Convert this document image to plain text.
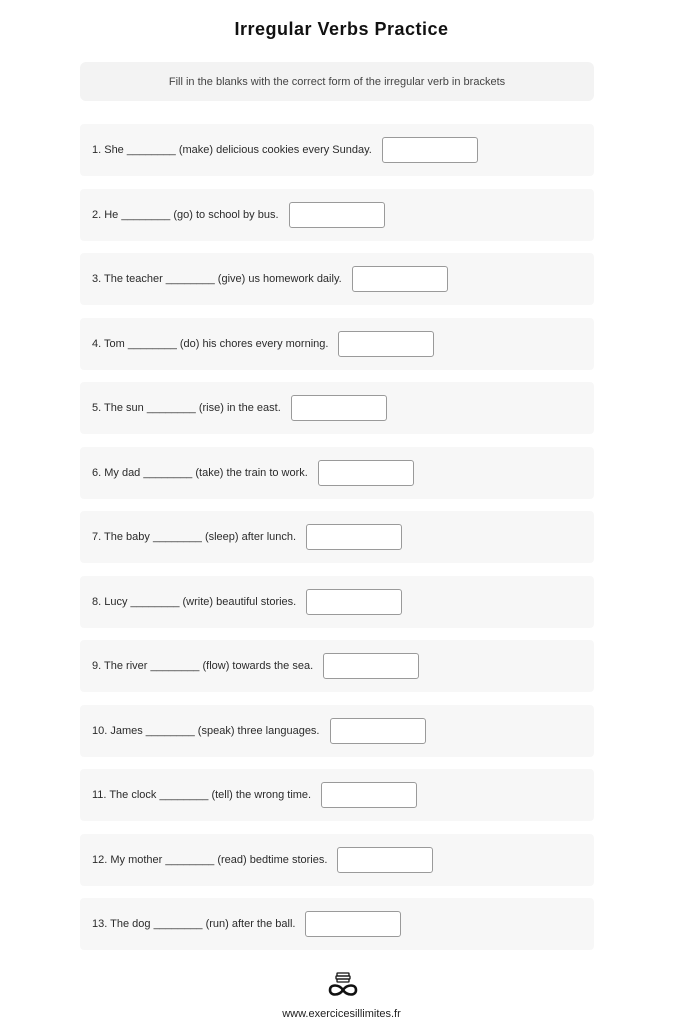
Irregular Verbs Practice
Fill in the blanks with the correct form of the irregular verb in brackets
1. She ________ (make) delicious cookies every Sunday.
2. He ________ (go) to school by bus.
3. The teacher ________ (give) us homework daily.
4. Tom ________ (do) his chores every morning.
5. The sun ________ (rise) in the east.
6. My dad ________ (take) the train to work.
7. The baby ________ (sleep) after lunch.
8. Lucy ________ (write) beautiful stories.
9. The river ________ (flow) towards the sea.
10. James ________ (speak) three languages.
11. The clock ________ (tell) the wrong time.
12. My mother ________ (read) bedtime stories.
13. The dog ________ (run) after the ball.
www.exercicesillimites.fr
